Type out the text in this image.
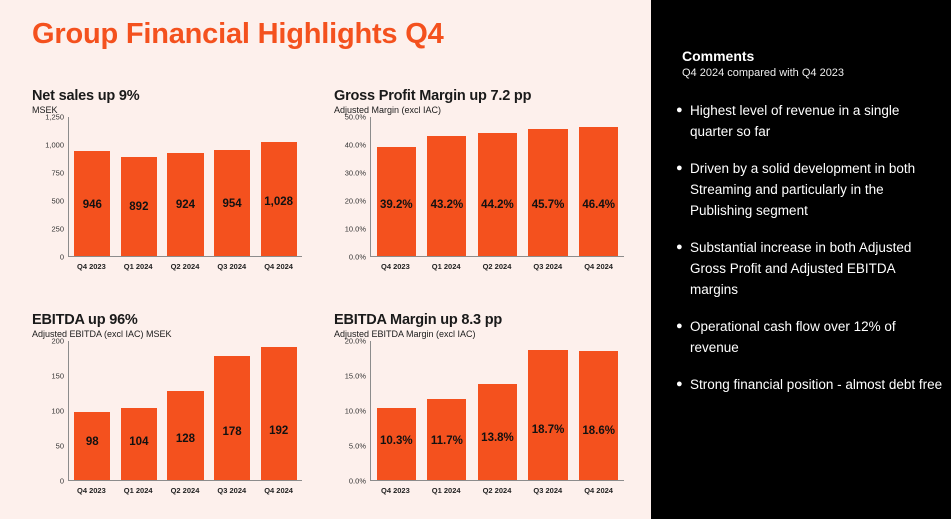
Group Financial Highlights Q4
Net sales up 9%
MSEK
1,250
1,000
750
500
250
0
946	892	924	954	1,028
Q4 2023	Q1 2024	Q2 2024	Q3 2024	Q4 2024
Gross Profit Margin up 7.2 pp
Adjusted Margin (excl IAC)
50.0%
40.0%
30.0%
20.0%
10.0%
0.0%
39.2% 43.2% 44.2% 45.7% 46.4%
Q4 2023	Q1 2024	Q2 2024	Q3 2024	Q4 2024
EBITDA up 96%
Adjusted EBITDA (excl IAC) MSEK
200
150
100
50
0
98	104	128
178	192
Q4 2023	Q1 2024	Q2 2024	Q3 2024	Q4 2024
EBITDA Margin up 8.3 pp
Adjusted EBITDA Margin (excl IAC)
20.0%
15.0%
10.0%
5.0%
0.0%
10.3%	11.7%	13.8%
18.7% 18.6%
Q4 2023	Q1 2024	Q2 2024	Q3 2024	Q4 2024
Comments
Q4 2024 compared with Q4 2023
● Highest level of revenue in a single quarter so far
● Driven by a solid development in both Streaming and particularly in the Publishing segment
● Substantial increase in both Adjusted Gross Profit and Adjusted EBITDA margins
● Operational cash flow over 12% of revenue
● Strong financial position - almost debt free
